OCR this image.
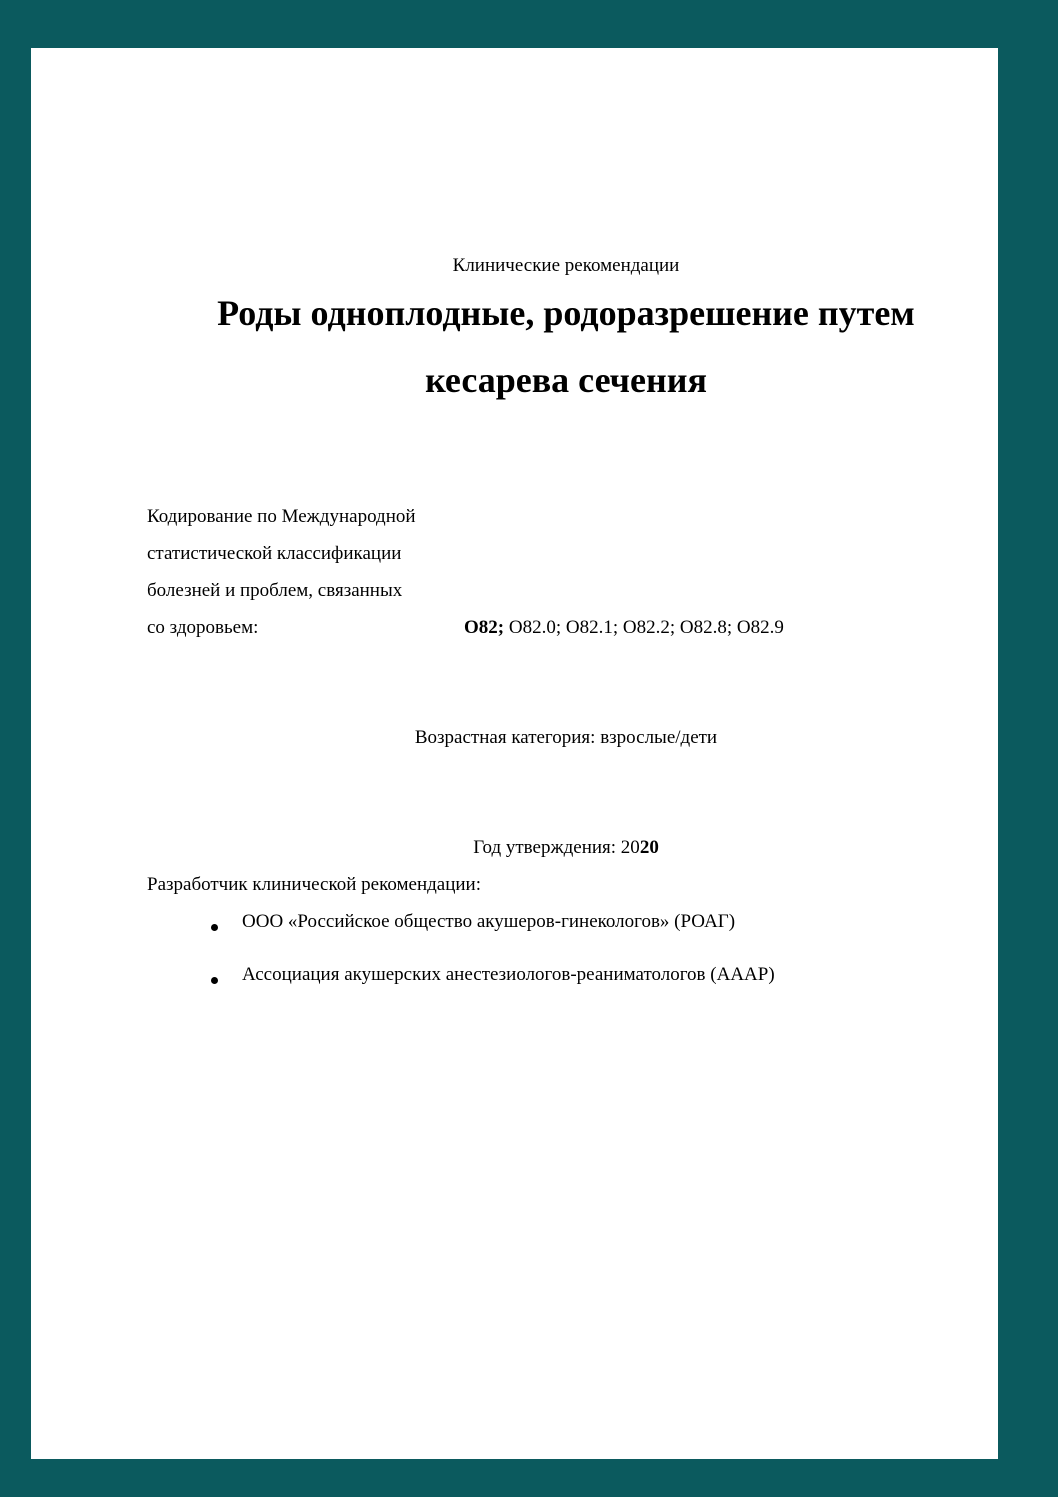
Клинические рекомендации
Роды одноплодные, родоразрешение путем
кесарева сечения
Кодирование по Международной
статистической классификации
болезней и проблем, связанных
со здоровьем:	O82; O82.0; O82.1; O82.2; O82.8; O82.9
Возрастная категория: взрослые/дети
Год утверждения: 2020
Разработчик клинической рекомендации:
ООО «Российское общество акушеров-гинекологов» (РОАГ)
Ассоциация акушерских анестезиологов-реаниматологов (АААР)
